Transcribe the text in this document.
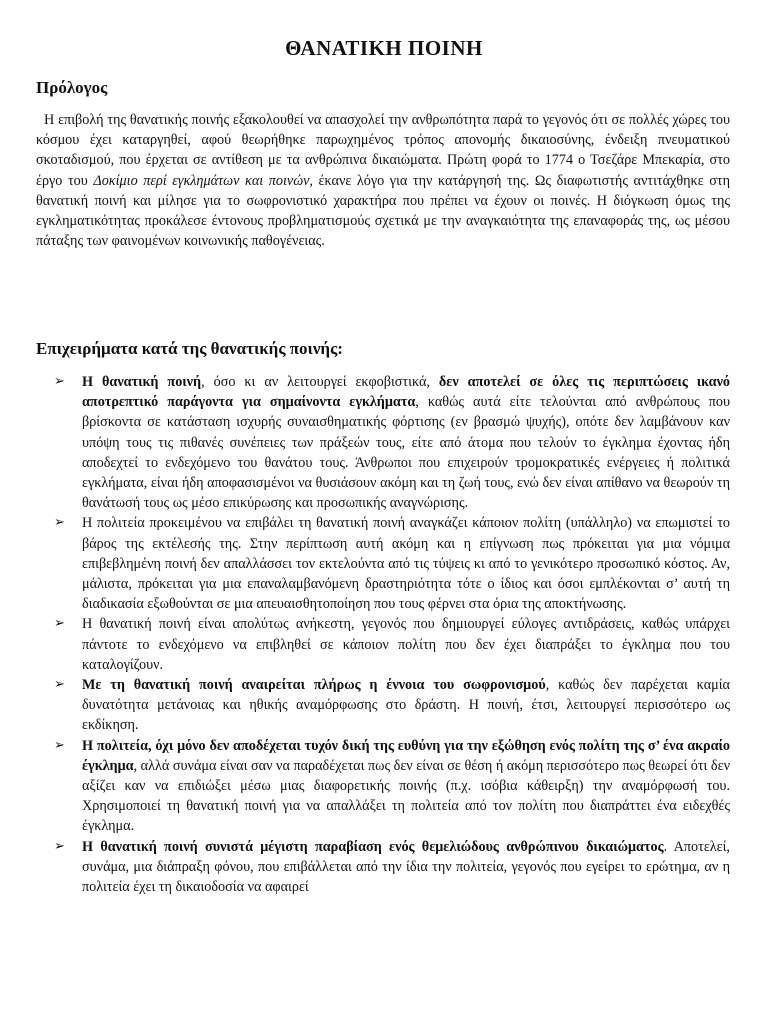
ΘΑΝΑΤΙΚΗ ΠΟΙΝΗ
Πρόλογος

Η επιβολή της θανατικής ποινής εξακολουθεί να απασχολεί την ανθρωπότητα παρά το γεγονός ότι σε πολλές χώρες του κόσμου έχει καταργηθεί, αφού θεωρήθηκε παρωχημένος τρόπος απονομής δικαιοσύνης, ένδειξη πνευματικού σκοταδισμού, που έρχεται σε αντίθεση με τα ανθρώπινα δικαιώματα. Πρώτη φορά το 1774 ο Τσεζάρε Μπεκαρία, στο έργο του Δοκίμιο περί εγκλημάτων και ποινών, έκανε λόγο για την κατάργησή της. Ως διαφωτιστής αντιτάχθηκε στη θανατική ποινή και μίλησε για το σωφρονιστικό χαρακτήρα που πρέπει να έχουν οι ποινές. Η διόγκωση όμως της εγκληματικότητας προκάλεσε έντονους προβληματισμούς σχετικά με την αναγκαιότητα της επαναφοράς της, ως μέσου πάταξης των φαινομένων κοινωνικής παθογένειας.

Επιχειρήματα κατά της θανατικής ποινής:
➢ Η θανατική ποινή, όσο κι αν λειτουργεί εκφοβιστικά, δεν αποτελεί σε όλες τις περιπτώσεις ικανό αποτρεπτικό παράγοντα για σημαίνοντα εγκλήματα, καθώς αυτά είτε τελούνται από ανθρώπους που βρίσκοντα σε κατάσταση ισχυρής συναισθηματικής φόρτισης (εν βρασμώ ψυχής), οπότε δεν λαμβάνουν καν υπόψη τους τις πιθανές συνέπειες των πράξεών τους, είτε από άτομα που τελούν το έγκλημα έχοντας ήδη αποδεχτεί το ενδεχόμενο του θανάτου τους. Άνθρωποι που επιχειρούν τρομοκρατικές ενέργειες ή πολιτικά εγκλήματα, είναι ήδη αποφασισμένοι να θυσιάσουν ακόμη και τη ζωή τους, ενώ δεν είναι απίθανο να θεωρούν τη θανάτωσή τους ως μέσο επικύρωσης και προσωπικής αναγνώρισης.
➢ Η πολιτεία προκειμένου να επιβάλει τη θανατική ποινή αναγκάζει κάποιον πολίτη (υπάλληλο) να επωμιστεί το βάρος της εκτέλεσής της. Στην περίπτωση αυτή ακόμη και η επίγνωση πως πρόκειται για μια νόμιμα επιβεβλημένη ποινή δεν απαλλάσσει τον εκτελούντα από τις τύψεις κι από το γενικότερο προσωπικό κόστος. Αν, μάλιστα, πρόκειται για μια επαναλαμβανόμενη δραστηριότητα τότε ο ίδιος και όσοι εμπλέκονται σ’ αυτή τη διαδικασία εξωθούνται σε μια απευαισθητοποίηση που τους φέρνει στα όρια της αποκτήνωσης.
➢ Η θανατική ποινή είναι απολύτως ανήκεστη, γεγονός που δημιουργεί εύλογες αντιδράσεις, καθώς υπάρχει πάντοτε το ενδεχόμενο να επιβληθεί σε κάποιον πολίτη που δεν έχει διαπράξει το έγκλημα που του καταλογίζουν.
➢ Με τη θανατική ποινή αναιρείται πλήρως η έννοια του σωφρονισμού, καθώς δεν παρέχεται καμία δυνατότητα μετάνοιας και ηθικής αναμόρφωσης στο δράστη. Η ποινή, έτσι, λειτουργεί περισσότερο ως εκδίκηση.
➢ Η πολιτεία, όχι μόνο δεν αποδέχεται τυχόν δική της ευθύνη για την εξώθηση ενός πολίτη της σ’ ένα ακραίο έγκλημα, αλλά συνάμα είναι σαν να παραδέχεται πως δεν είναι σε θέση ή ακόμη περισσότερο πως θεωρεί ότι δεν αξίζει καν να επιδιώξει μέσω μιας διαφορετικής ποινής (π.χ. ισόβια κάθειρξη) την αναμόρφωσή του. Χρησιμοποιεί τη θανατική ποινή για να απαλλάξει τη πολιτεία από τον πολίτη που διαπράττει ένα ειδεχθές έγκλημα.
➢ Η θανατική ποινή συνιστά μέγιστη παραβίαση ενός θεμελιώδους ανθρώπινου δικαιώματος. Αποτελεί, συνάμα, μια διάπραξη φόνου, που επιβάλλεται από την ίδια την πολιτεία, γεγονός που εγείρει το ερώτημα, αν η πολιτεία έχει τη δικαιοδοσία να αφαιρεί
